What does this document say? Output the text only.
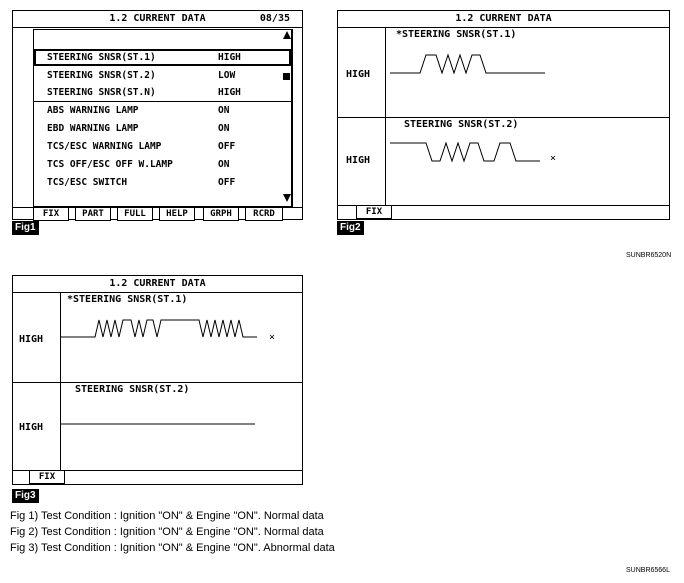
1.2 CURRENT DATA	08/35
STEERING SNSR(ST.1)	HIGH
STEERING SNSR(ST.2)	LOW
STEERING SNSR(ST.N)	HIGH
ABS WARNING LAMP	ON
EBD WARNING LAMP	ON
TCS/ESC WARNING LAMP	OFF
TCS OFF/ESC OFF W.LAMP	ON
TCS/ESC SWITCH	OFF
FIX	PART	FULL	HELP	GRPH	RCRD
Fig1
1.2 CURRENT DATA
*STEERING SNSR(ST.1)
HIGH
STEERING SNSR(ST.2)
HIGH	×
FIX
Fig2
SUNBR6520N
1.2 CURRENT DATA
*STEERING SNSR(ST.1)
HIGH	×
STEERING SNSR(ST.2)
HIGH
FIX
Fig3
Fig 1) Test Condition : Ignition "ON" & Engine "ON". Normal data
Fig 2) Test Condition : Ignition "ON" & Engine "ON". Normal data
Fig 3) Test Condition : Ignition "ON" & Engine "ON". Abnormal data
SUNBR6566L
